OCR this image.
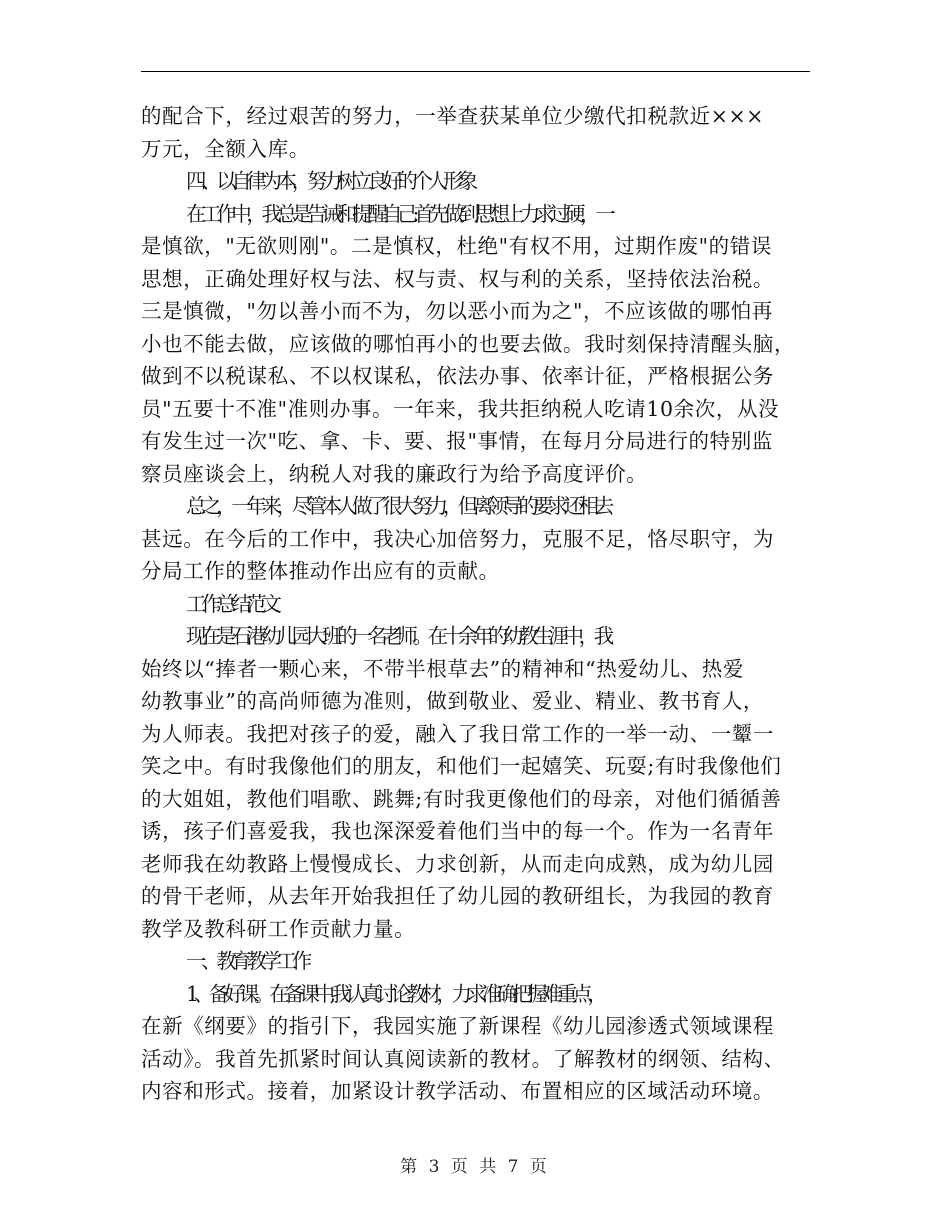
的配合下，经过艰苦的努力，一举查获某单位少缴代扣税款近×××
万元，全额入库。
四、以自律为本，努力树立良好的个人形象
在工作中，我总是告诫和提醒自己:首先做到思想上力求过硬，一
是慎欲，"无欲则刚"。二是慎权，杜绝"有权不用，过期作废"的错误
思想，正确处理好权与法、权与责、权与利的关系，坚持依法治税。
三是慎微，"勿以善小而不为，勿以恶小而为之"，不应该做的哪怕再
小也不能去做，应该做的哪怕再小的也要去做。我时刻保持清醒头脑，
做到不以税谋私、不以权谋私，依法办事、依率计征，严格根据公务
员"五要十不准"准则办事。一年来，我共拒纳税人吃请10余次，从没
有发生过一次"吃、拿、卡、要、报"事情，在每月分局进行的特别监
察员座谈会上，纳税人对我的廉政行为给予高度评价。
总之，一年来，尽管本人做了很大努力，但离领导的要求还相去
甚远。在今后的工作中，我决心加倍努力，克服不足，恪尽职守，为
分局工作的整体推动作出应有的贡献。
工作总结范文
现在是石港幼儿园大班的一名老师。在十余年的幼教生涯中，我
始终以“捧者一颗心来，不带半根草去”的精神和“热爱幼儿、热爱
幼教事业”的高尚师德为准则，做到敬业、爱业、精业、教书育人，
为人师表。我把对孩子的爱，融入了我日常工作的一举一动、一颦一
笑之中。有时我像他们的朋友，和他们一起嬉笑、玩耍;有时我像他们
的大姐姐，教他们唱歌、跳舞;有时我更像他们的母亲，对他们循循善
诱，孩子们喜爱我，我也深深爱着他们当中的每一个。作为一名青年
老师我在幼教路上慢慢成长、力求创新，从而走向成熟，成为幼儿园
的骨干老师，从去年开始我担任了幼儿园的教研组长，为我园的教育
教学及教科研工作贡献力量。
一、教育教学工作
1、备好课。在备课中,我认真讨论教材，力求准确把握难重点，
在新《纲要》的指引下，我园实施了新课程《幼儿园渗透式领域课程
活动》。我首先抓紧时间认真阅读新的教材。了解教材的纲领、结构、
内容和形式。接着，加紧设计教学活动、布置相应的区域活动环境。
第 3 页 共 7 页
